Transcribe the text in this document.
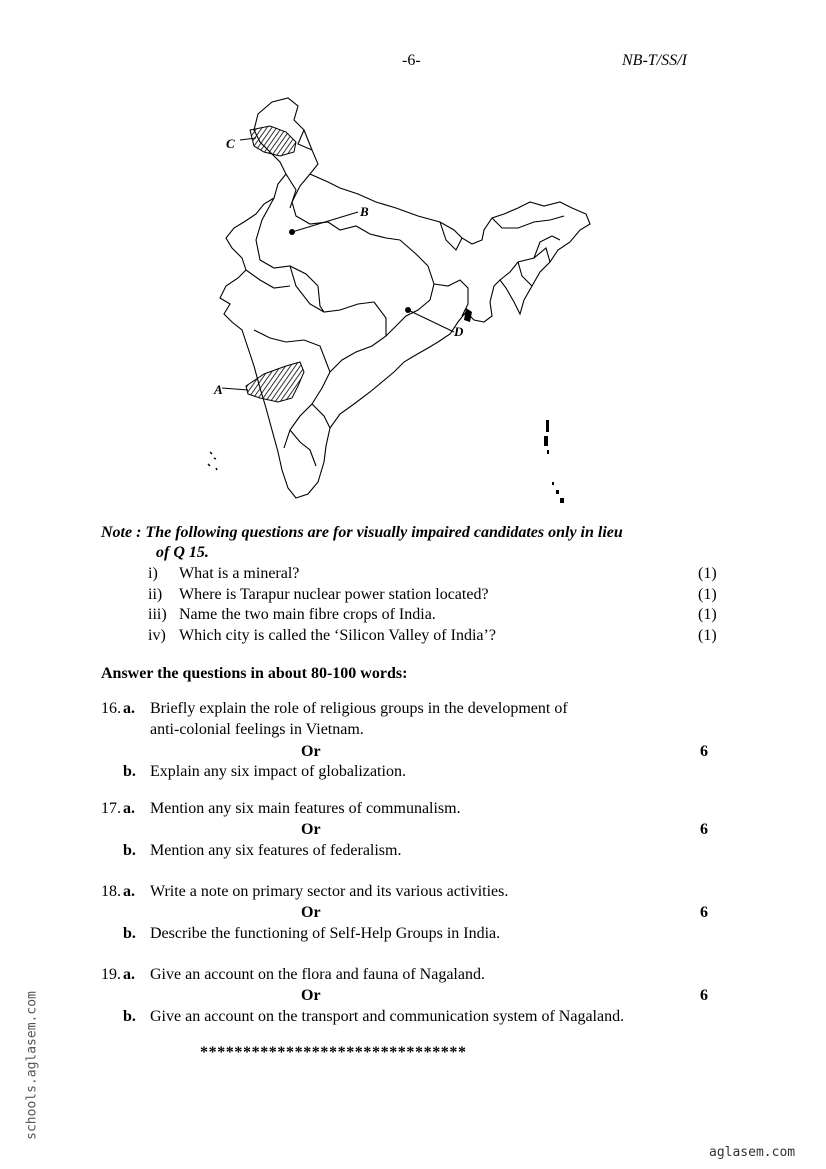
-6-	NB-T/SS/I
C
B
D
A
Note : The following questions are for visually impaired candidates only in lieu
of Q 15.
i) What is a mineral?	(1)
ii) Where is Tarapur nuclear power station located?	(1)
iii) Name the two main fibre crops of India.	(1)
iv) Which city is called the ‘Silicon Valley of India’?	(1)
Answer the questions in about 80-100 words:
16. a. Briefly explain the role of religious groups in the development of
anti-colonial feelings in Vietnam.
Or	6
b. Explain any six impact of globalization.
17. a. Mention any six main features of communalism.
Or	6
b. Mention any six features of federalism.
18. a. Write a note on primary sector and its various activities.
Or	6
b. Describe the functioning of Self-Help Groups in India.
19. a. Give an account on the flora and fauna of Nagaland.
Or	6
b. Give an account on the transport and communication system of Nagaland.
*******************************
schools.aglasem.com
aglasem.com
